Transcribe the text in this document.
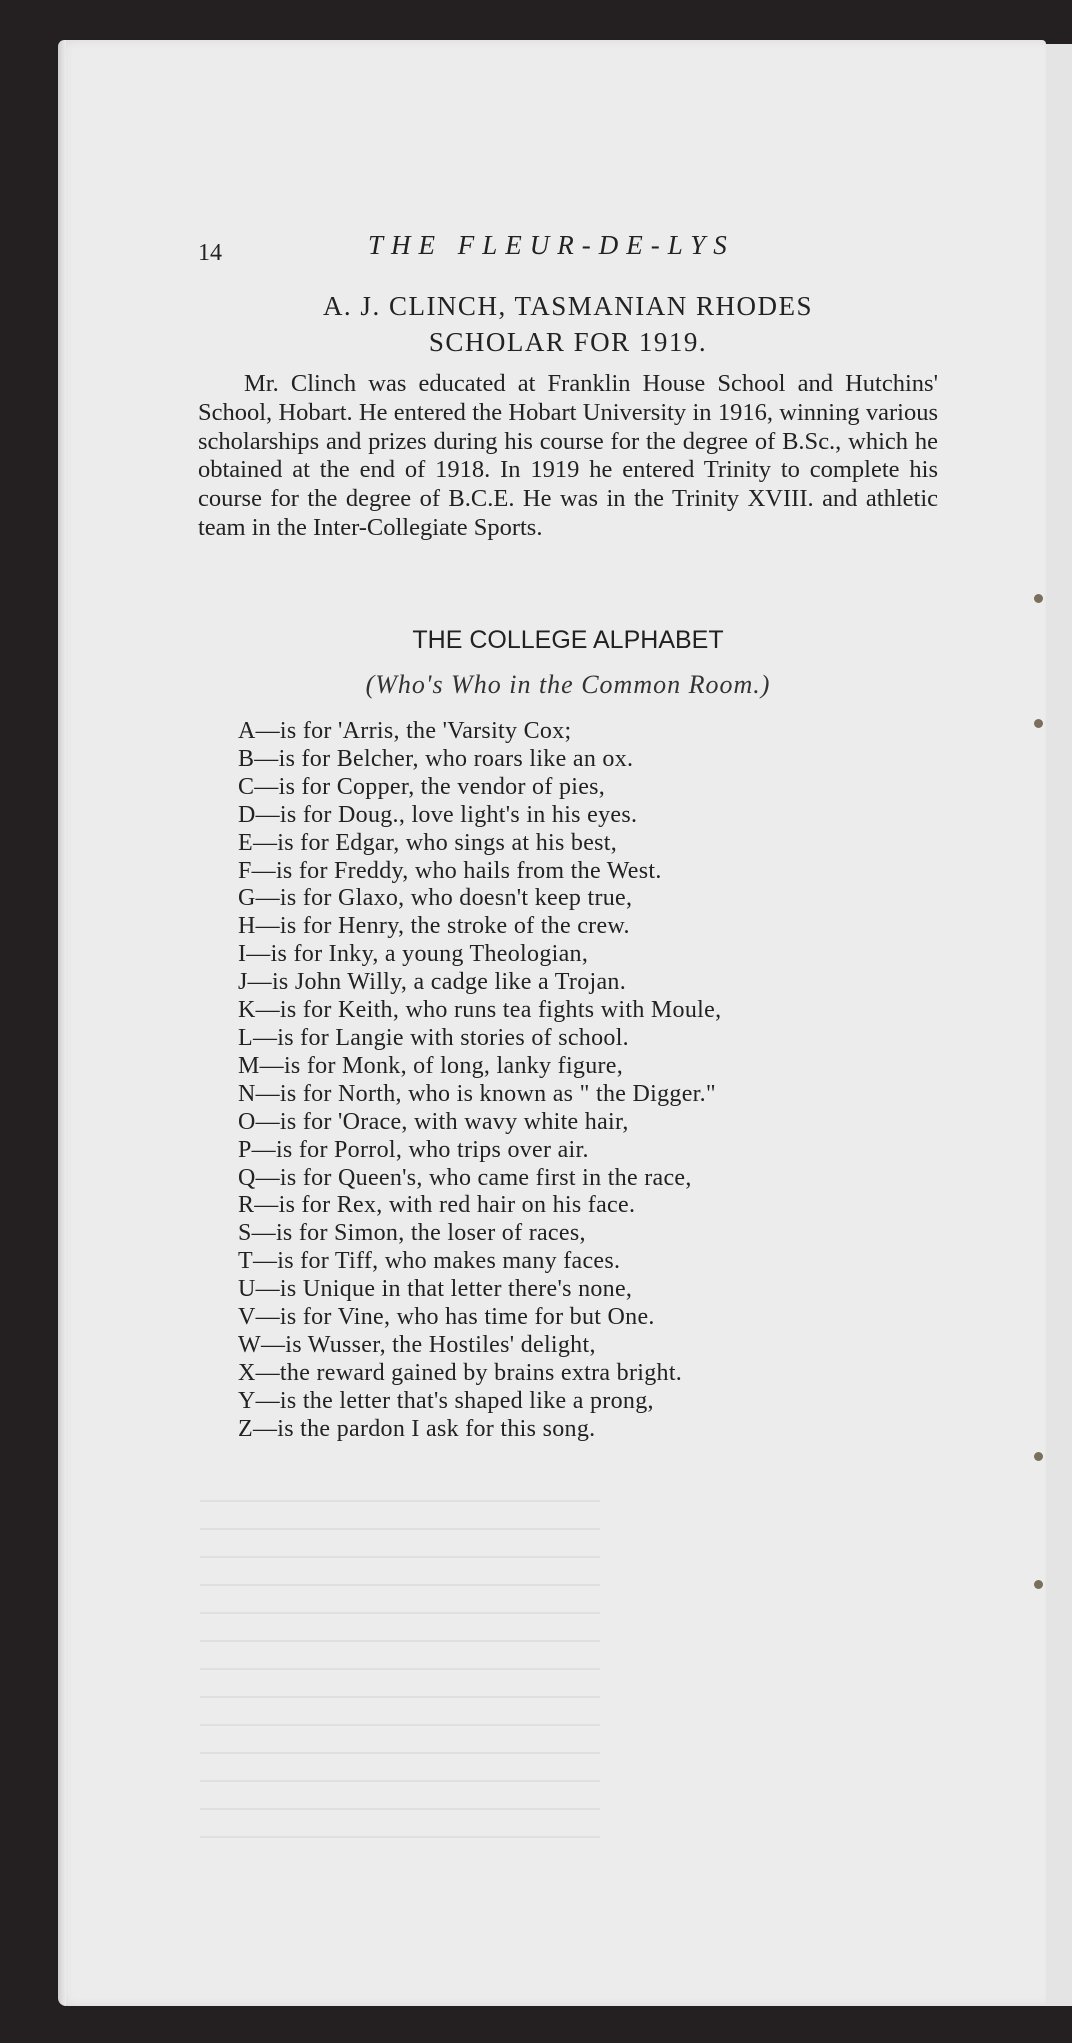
14	THE FLEUR-DE-LYS
A. J. CLINCH, TASMANIAN RHODES
SCHOLAR FOR 1919.

Mr. Clinch was educated at Franklin House School and Hutchins' School, Hobart. He entered the Hobart University in 1916, winning various scholarships and prizes during his course for the degree of B.Sc., which he obtained at the end of 1918. In 1919 he entered Trinity to complete his course for the degree of B.C.E. He was in the Trinity XVIII. and athletic team in the Inter-Collegiate Sports.

THE COLLEGE ALPHABET
(Who's Who in the Common Room.)
A—is for 'Arris, the 'Varsity Cox;
B—is for Belcher, who roars like an ox.
C—is for Copper, the vendor of pies,
D—is for Doug., love light's in his eyes.
E—is for Edgar, who sings at his best,
F—is for Freddy, who hails from the West.
G—is for Glaxo, who doesn't keep true,
H—is for Henry, the stroke of the crew.
I—is for Inky, a young Theologian,
J—is John Willy, a cadge like a Trojan.
K—is for Keith, who runs tea fights with Moule,
L—is for Langie with stories of school.
M—is for Monk, of long, lanky figure,
N—is for North, who is known as " the Digger."
O—is for 'Orace, with wavy white hair,
P—is for Porrol, who trips over air.
Q—is for Queen's, who came first in the race,
R—is for Rex, with red hair on his face.
S—is for Simon, the loser of races,
T—is for Tiff, who makes many faces.
U—is Unique in that letter there's none,
V—is for Vine, who has time for but One.
W—is Wusser, the Hostiles' delight,
X—the reward gained by brains extra bright.
Y—is the letter that's shaped like a prong,
Z—is the pardon I ask for this song.
